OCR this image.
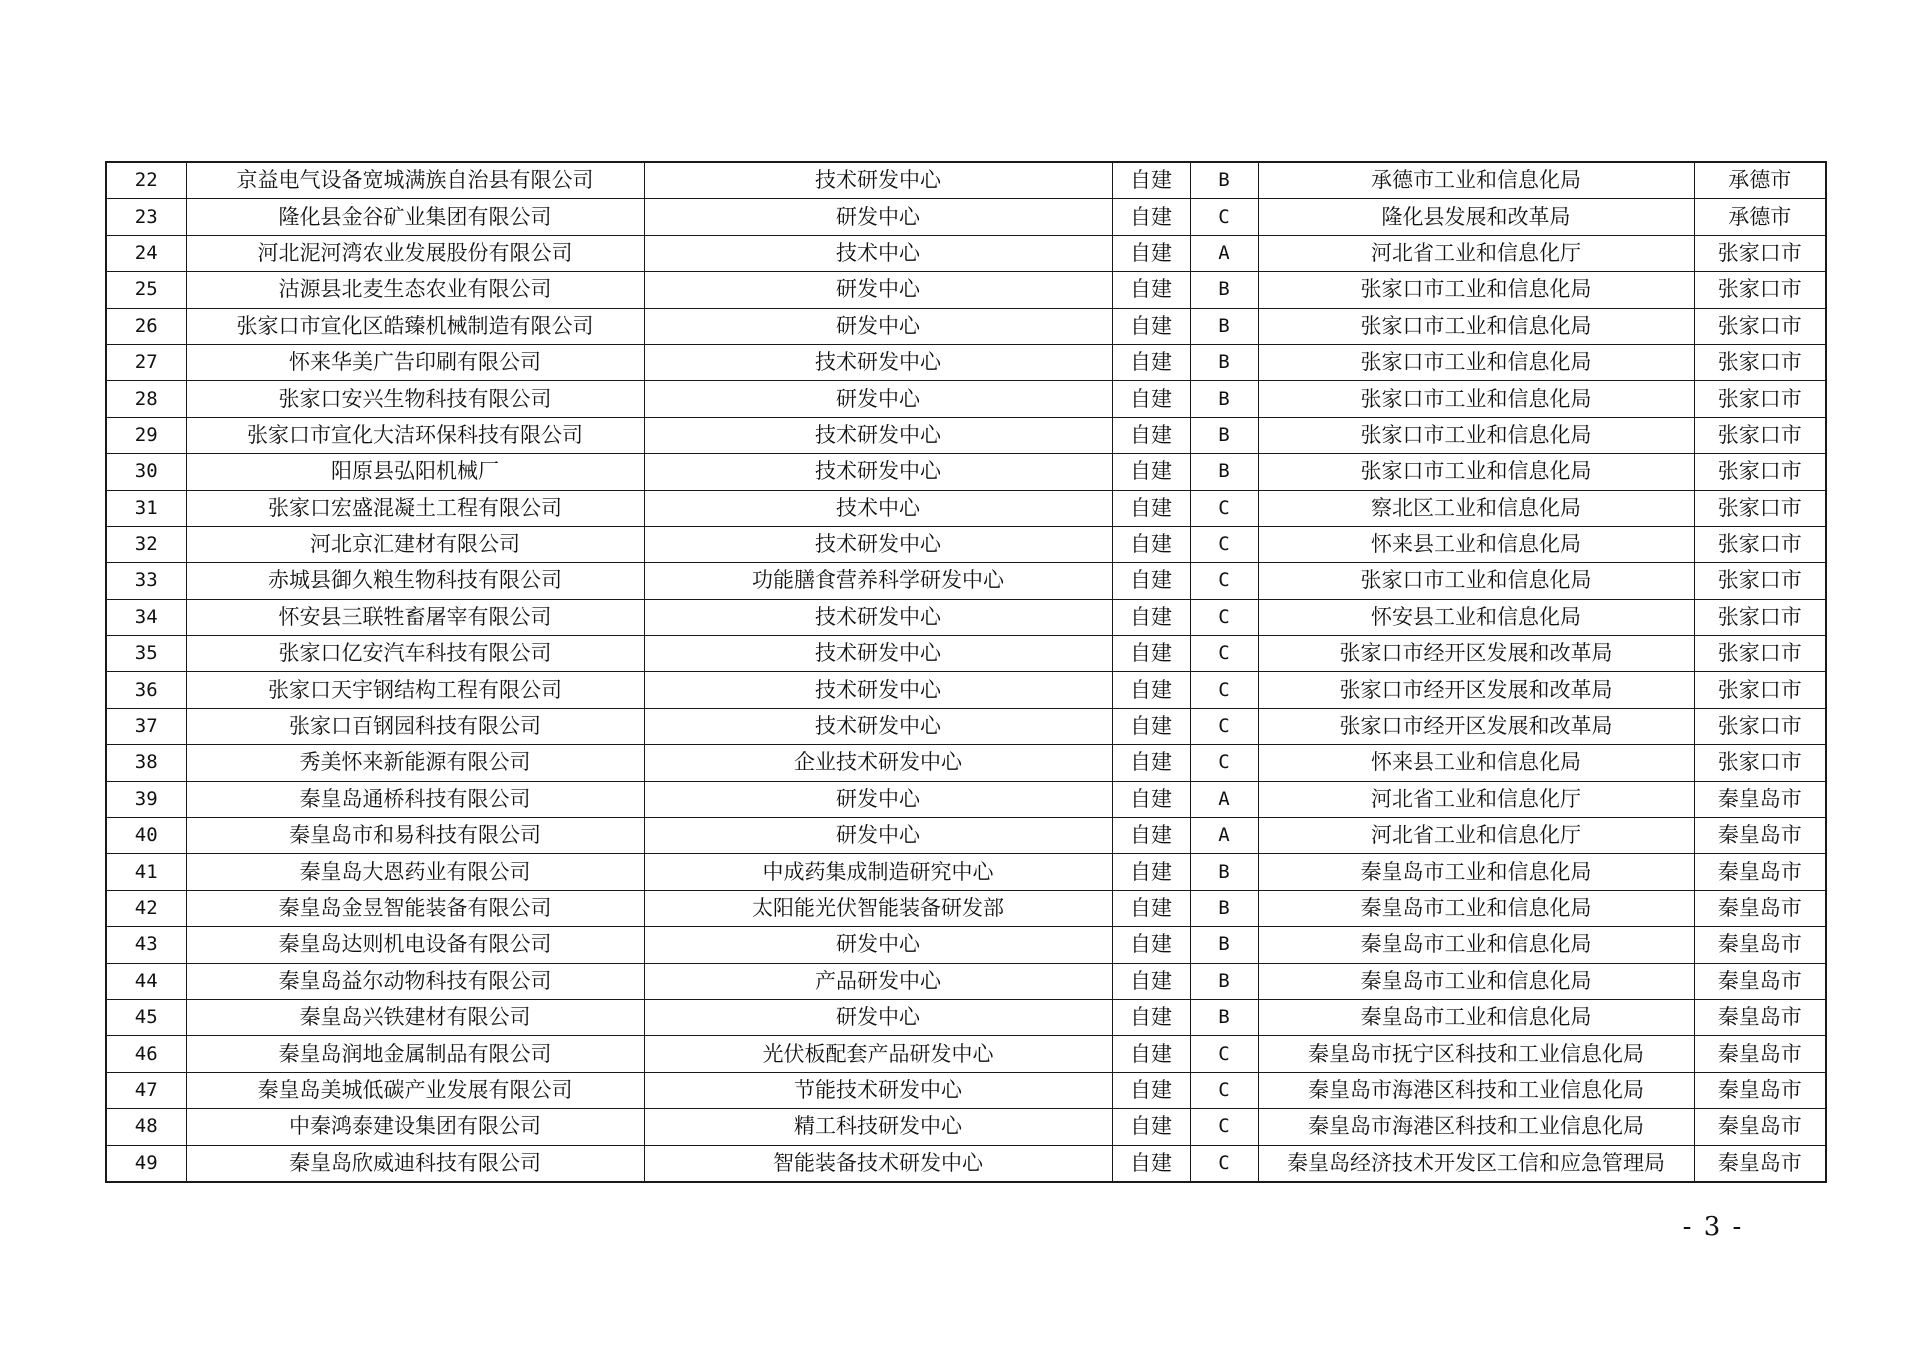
22	京益电气设备宽城满族自治县有限公司	技术研发中心	自建	B	承德市工业和信息化局	承德市
23	隆化县金谷矿业集团有限公司	研发中心	自建	C	隆化县发展和改革局	承德市
24	河北泥河湾农业发展股份有限公司	技术中心	自建	A	河北省工业和信息化厅	张家口市
25	沽源县北麦生态农业有限公司	研发中心	自建	B	张家口市工业和信息化局	张家口市
26	张家口市宣化区皓臻机械制造有限公司	研发中心	自建	B	张家口市工业和信息化局	张家口市
27	怀来华美广告印刷有限公司	技术研发中心	自建	B	张家口市工业和信息化局	张家口市
28	张家口安兴生物科技有限公司	研发中心	自建	B	张家口市工业和信息化局	张家口市
29	张家口市宣化大洁环保科技有限公司	技术研发中心	自建	B	张家口市工业和信息化局	张家口市
30	阳原县弘阳机械厂	技术研发中心	自建	B	张家口市工业和信息化局	张家口市
31	张家口宏盛混凝土工程有限公司	技术中心	自建	C	察北区工业和信息化局	张家口市
32	河北京汇建材有限公司	技术研发中心	自建	C	怀来县工业和信息化局	张家口市
33	赤城县御久粮生物科技有限公司	功能膳食营养科学研发中心	自建	C	张家口市工业和信息化局	张家口市
34	怀安县三联牲畜屠宰有限公司	技术研发中心	自建	C	怀安县工业和信息化局	张家口市
35	张家口亿安汽车科技有限公司	技术研发中心	自建	C	张家口市经开区发展和改革局	张家口市
36	张家口天宇钢结构工程有限公司	技术研发中心	自建	C	张家口市经开区发展和改革局	张家口市
37	张家口百钢园科技有限公司	技术研发中心	自建	C	张家口市经开区发展和改革局	张家口市
38	秀美怀来新能源有限公司	企业技术研发中心	自建	C	怀来县工业和信息化局	张家口市
39	秦皇岛通桥科技有限公司	研发中心	自建	A	河北省工业和信息化厅	秦皇岛市
40	秦皇岛市和易科技有限公司	研发中心	自建	A	河北省工业和信息化厅	秦皇岛市
41	秦皇岛大恩药业有限公司	中成药集成制造研究中心	自建	B	秦皇岛市工业和信息化局	秦皇岛市
42	秦皇岛金昱智能装备有限公司	太阳能光伏智能装备研发部	自建	B	秦皇岛市工业和信息化局	秦皇岛市
43	秦皇岛达则机电设备有限公司	研发中心	自建	B	秦皇岛市工业和信息化局	秦皇岛市
44	秦皇岛益尔动物科技有限公司	产品研发中心	自建	B	秦皇岛市工业和信息化局	秦皇岛市
45	秦皇岛兴铁建材有限公司	研发中心	自建	B	秦皇岛市工业和信息化局	秦皇岛市
46	秦皇岛润地金属制品有限公司	光伏板配套产品研发中心	自建	C	秦皇岛市抚宁区科技和工业信息化局	秦皇岛市
47	秦皇岛美城低碳产业发展有限公司	节能技术研发中心	自建	C	秦皇岛市海港区科技和工业信息化局	秦皇岛市
48	中秦鸿泰建设集团有限公司	精工科技研发中心	自建	C	秦皇岛市海港区科技和工业信息化局	秦皇岛市
49	秦皇岛欣威迪科技有限公司	智能装备技术研发中心	自建	C	秦皇岛经济技术开发区工信和应急管理局	秦皇岛市
- 3 -
